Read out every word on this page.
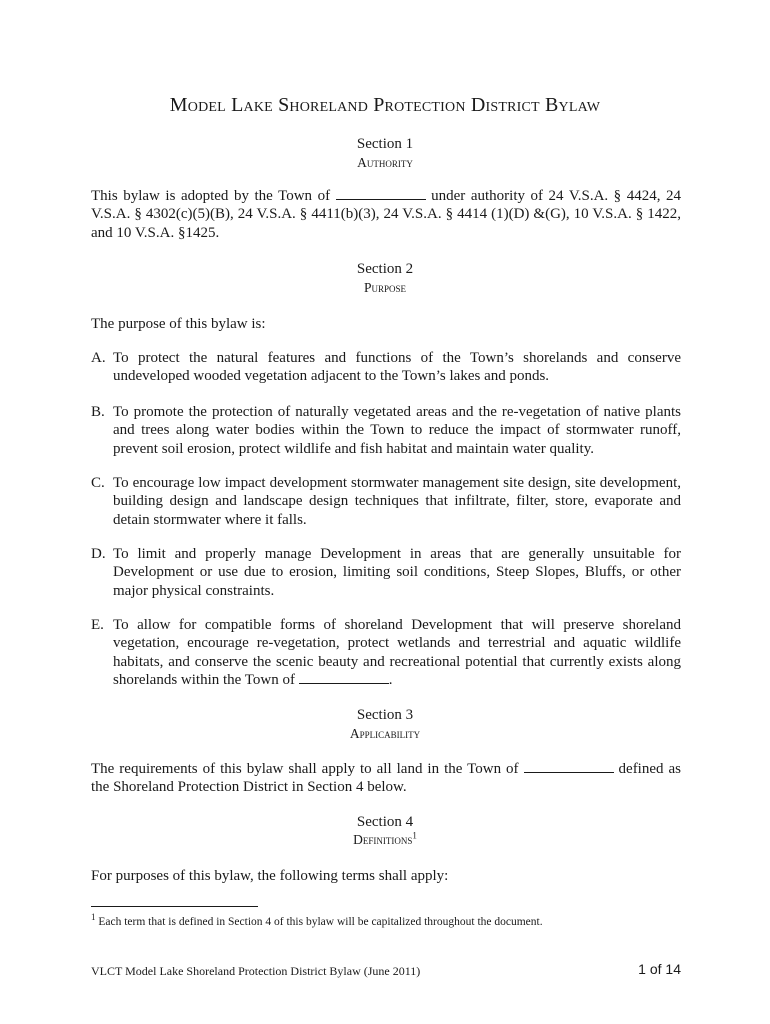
Model Lake Shoreland Protection District Bylaw
Section 1
Authority

This bylaw is adopted by the Town of	under authority of 24 V.S.A. § 4424, 24 V.S.A. § 4302(c)(5)(B), 24 V.S.A. § 4411(b)(3), 24 V.S.A. § 4414 (1)(D) &(G), 10 V.S.A. § 1422, and 10 V.S.A. §1425.

Section 2
Purpose

The purpose of this bylaw is:

A. To protect the natural features and functions of the Town’s shorelands and conserve undeveloped wooded vegetation adjacent to the Town’s lakes and ponds.
B. To promote the protection of naturally vegetated areas and the re-vegetation of native plants and trees along water bodies within the Town to reduce the impact of stormwater runoff, prevent soil erosion, protect wildlife and fish habitat and maintain water quality.
C. To encourage low impact development stormwater management site design, site development, building design and landscape design techniques that infiltrate, filter, store, evaporate and detain stormwater where it falls.
D. To limit and properly manage Development in areas that are generally unsuitable for Development or use due to erosion, limiting soil conditions, Steep Slopes, Bluffs, or other major physical constraints.
E. To allow for compatible forms of shoreland Development that will preserve shoreland vegetation, encourage re-vegetation, protect wetlands and terrestrial and aquatic wildlife habitats, and conserve the scenic beauty and recreational potential that currently exists along shorelands within the Town of	.
Section 3
Applicability

The requirements of this bylaw shall apply to all land in the Town of	defined as the Shoreland Protection District in Section 4 below.

Section 4
Definitions$^1$

For purposes of this bylaw, the following terms shall apply:

$^1$ Each term that is defined in Section 4 of this bylaw will be capitalized throughout the document.
VLCT Model Lake Shoreland Protection District Bylaw (June 2011)	1 of 14
